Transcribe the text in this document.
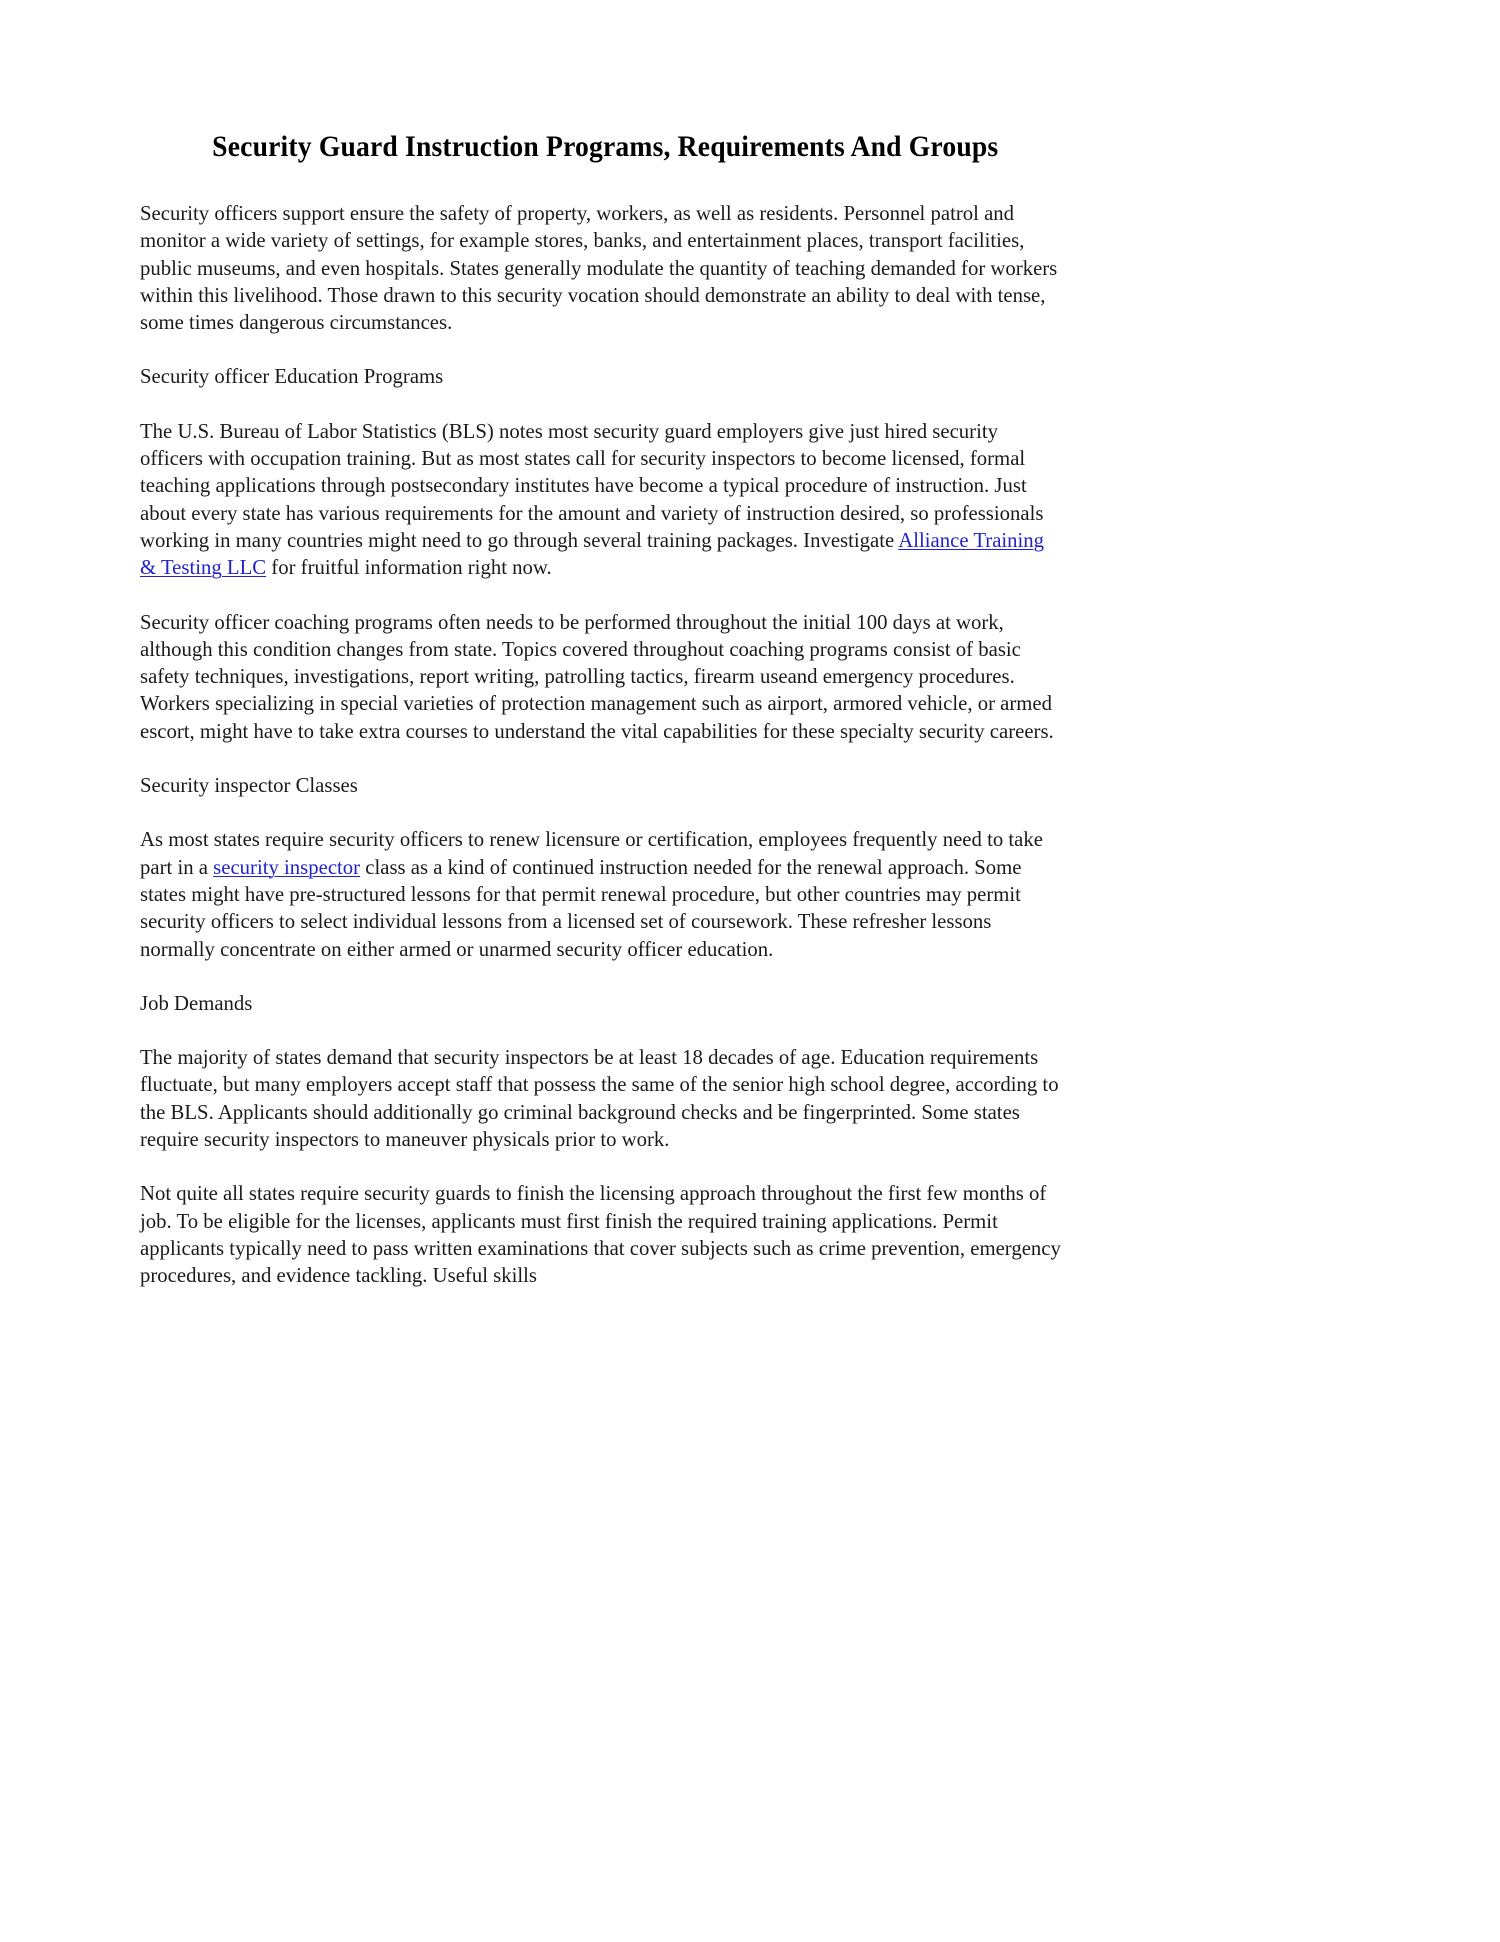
Security Guard Instruction Programs, Requirements And Groups

Security officers support ensure the safety of property, workers, as well as residents. Personnel patrol and monitor a wide variety of settings, for example stores, banks, and entertainment places, transport facilities, public museums, and even hospitals. States generally modulate the quantity of teaching demanded for workers within this livelihood. Those drawn to this security vocation should demonstrate an ability to deal with tense, some times dangerous circumstances.

Security officer Education Programs

The U.S. Bureau of Labor Statistics (BLS) notes most security guard employers give just hired security officers with occupation training. But as most states call for security inspectors to become licensed, formal teaching applications through postsecondary institutes have become a typical procedure of instruction. Just about every state has various requirements for the amount and variety of instruction desired, so professionals working in many countries might need to go through several training packages. Investigate Alliance Training & Testing LLC for fruitful information right now.

Security officer coaching programs often needs to be performed throughout the initial 100 days at work, although this condition changes from state. Topics covered throughout coaching programs consist of basic safety techniques, investigations, report writing, patrolling tactics, firearm useand emergency procedures. Workers specializing in special varieties of protection management such as airport, armored vehicle, or armed escort, might have to take extra courses to understand the vital capabilities for these specialty security careers.

Security inspector Classes

As most states require security officers to renew licensure or certification, employees frequently need to take part in a security inspector class as a kind of continued instruction needed for the renewal approach. Some states might have pre-structured lessons for that permit renewal procedure, but other countries may permit security officers to select individual lessons from a licensed set of coursework. These refresher lessons normally concentrate on either armed or unarmed security officer education.

Job Demands

The majority of states demand that security inspectors be at least 18 decades of age. Education requirements fluctuate, but many employers accept staff that possess the same of the senior high school degree, according to the BLS. Applicants should additionally go criminal background checks and be fingerprinted. Some states require security inspectors to maneuver physicals prior to work.

Not quite all states require security guards to finish the licensing approach throughout the first few months of job. To be eligible for the licenses, applicants must first finish the required training applications. Permit applicants typically need to pass written examinations that cover subjects such as crime prevention, emergency procedures, and evidence tackling. Useful skills
